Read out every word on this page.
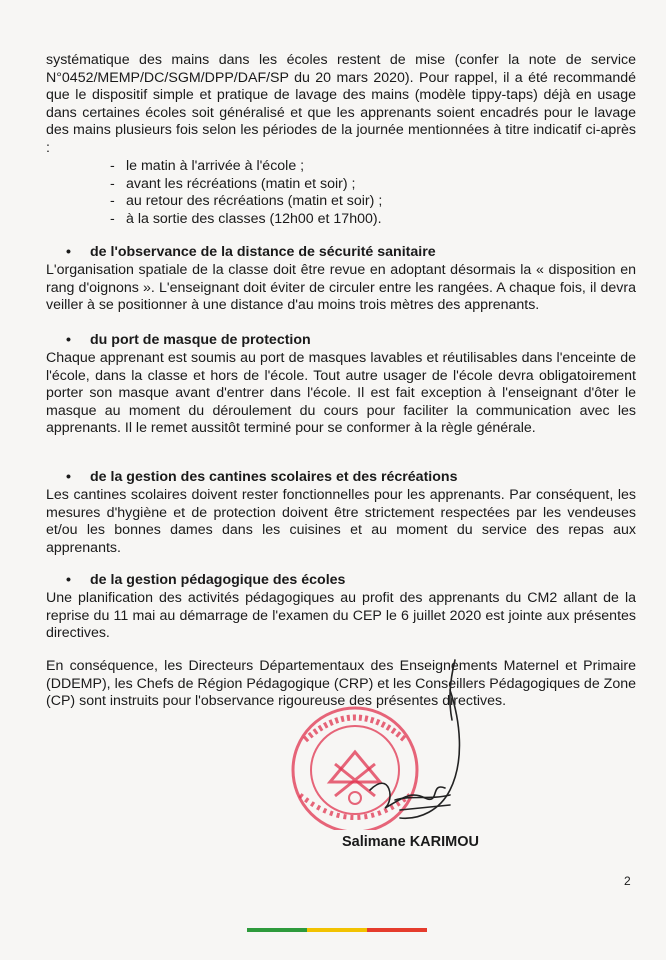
systématique des mains dans les écoles restent de mise (confer la note de service N°0452/MEMP/DC/SGM/DPP/DAF/SP du 20 mars 2020). Pour rappel, il a été recommandé que le dispositif simple et pratique de lavage des mains (modèle tippy-taps) déjà en usage dans certaines écoles soit généralisé et que les apprenants soient encadrés pour le lavage des mains plusieurs fois selon les périodes de la journée mentionnées à titre indicatif ci-après :

- le matin à l'arrivée à l'école ;
- avant les récréations (matin et soir) ;
- au retour des récréations (matin et soir) ;
- à la sortie des classes (12h00 et 17h00).
• de l'observance de la distance de sécurité sanitaire

L'organisation spatiale de la classe doit être revue en adoptant désormais la « disposition en rang d'oignons ». L'enseignant doit éviter de circuler entre les rangées. A chaque fois, il devra veiller à se positionner à une distance d'au moins trois mètres des apprenants.

• du port de masque de protection

Chaque apprenant est soumis au port de masques lavables et réutilisables dans l'enceinte de l'école, dans la classe et hors de l'école. Tout autre usager de l'école devra obligatoirement porter son masque avant d'entrer dans l'école. Il est fait exception à l'enseignant d'ôter le masque au moment du déroulement du cours pour faciliter la communication avec les apprenants. Il le remet aussitôt terminé pour se conformer à la règle générale.

• de la gestion des cantines scolaires et des récréations

Les cantines scolaires doivent rester fonctionnelles pour les apprenants. Par conséquent, les mesures d'hygiène et de protection doivent être strictement respectées par les vendeuses et/ou les bonnes dames dans les cuisines et au moment du service des repas aux apprenants.

• de la gestion pédagogique des écoles

Une planification des activités pédagogiques au profit des apprenants du CM2 allant de la reprise du 11 mai au démarrage de l'examen du CEP le 6 juillet 2020 est jointe aux présentes directives.

En conséquence, les Directeurs Départementaux des Enseignements Maternel et Primaire (DDEMP), les Chefs de Région Pédagogique (CRP) et les Conseillers Pédagogiques de Zone (CP) sont instruits pour l'observance rigoureuse des présentes directives.

Salimane KARIMOU
2
